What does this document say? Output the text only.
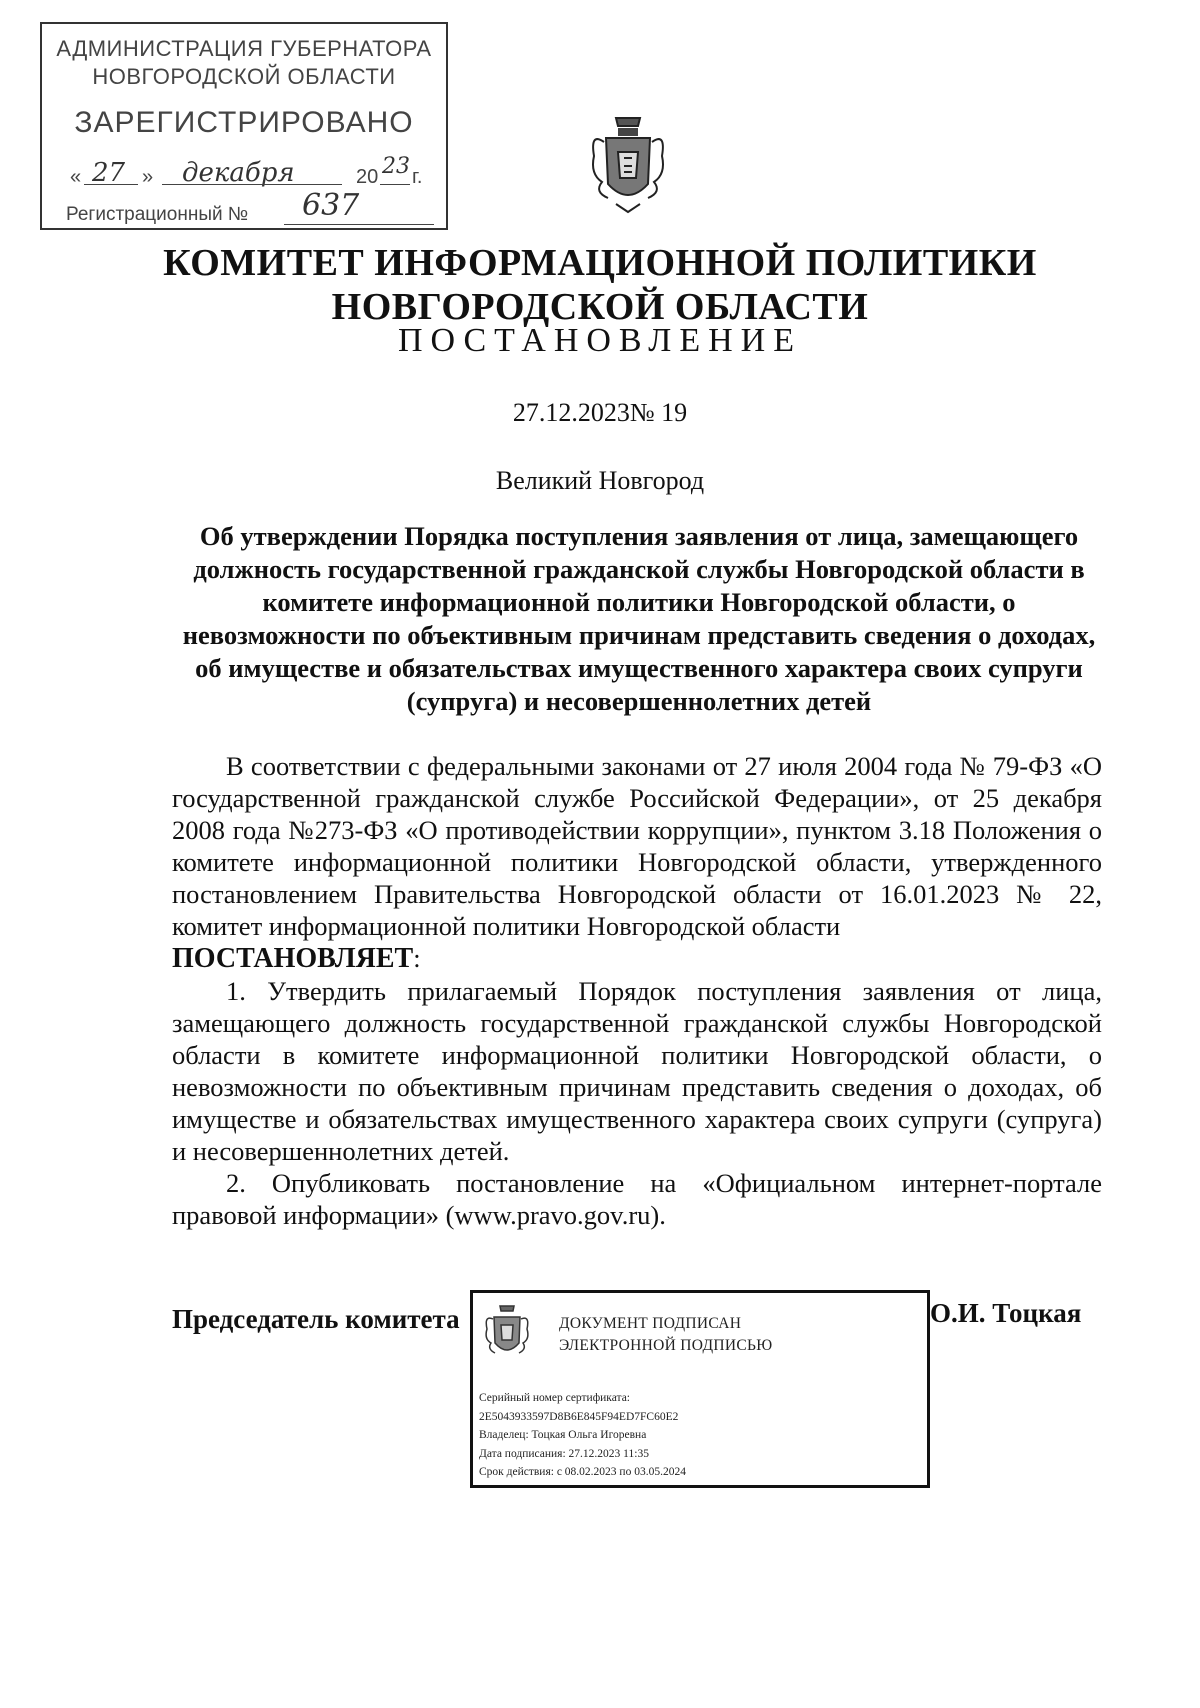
АДМИНИСТРАЦИЯ ГУБЕРНАТОРА
НОВГОРОДСКОЙ ОБЛАСТИ
ЗАРЕГИСТРИРОВАНО
« 27 » декабря	20 23 г.
Регистрационный № 637
КОМИТЕТ ИНФОРМАЦИОННОЙ ПОЛИТИКИ
НОВГОРОДСКОЙ ОБЛАСТИ
ПОСТАНОВЛЕНИЕ
27.12.2023№ 19
Великий Новгород
Об утверждении Порядка поступления заявления от лица, замещающего должность государственной гражданской службы Новгородской области в комитете информационной политики Новгородской области, о невозможности по объективным причинам представить сведения о доходах, об имуществе и обязательствах имущественного характера своих супруги (супруга) и несовершеннолетних детей

В соответствии с федеральными законами от 27 июля 2004 года № 79-ФЗ «О государственной гражданской службе Российской Федерации», от 25 декабря 2008 года №273-ФЗ «О противодействии коррупции», пунктом 3.18 Положения о комитете информационной политики Новгородской области, утвержденного постановлением Правительства Новгородской области от 16.01.2023 № 22, комитет информационной политики Новгородской области

ПОСТАНОВЛЯЕТ:

1. Утвердить прилагаемый Порядок поступления заявления от лица, замещающего должность государственной гражданской службы Новгородской области в комитете информационной политики Новгородской области, о невозможности по объективным причинам представить сведения о доходах, об имуществе и обязательствах имущественного характера своих супруги (супруга) и несовершеннолетних детей.

2. Опубликовать постановление на «Официальном интернет-портале правовой информации» (www.pravo.gov.ru).

Председатель комитета	ДОКУМЕНТ ПОДПИСАН
ЭЛЕКТРОННОЙ ПОДПИСЬЮ
Серийный номер сертификата:
2E5043933597D8B6E845F94ED7FC60E2
Владелец: Тоцкая Ольга Игоревна
Дата подписания: 27.12.2023 11:35
Срок действия: с 08.02.2023 по 03.05.2024
О.И. Тоцкая
